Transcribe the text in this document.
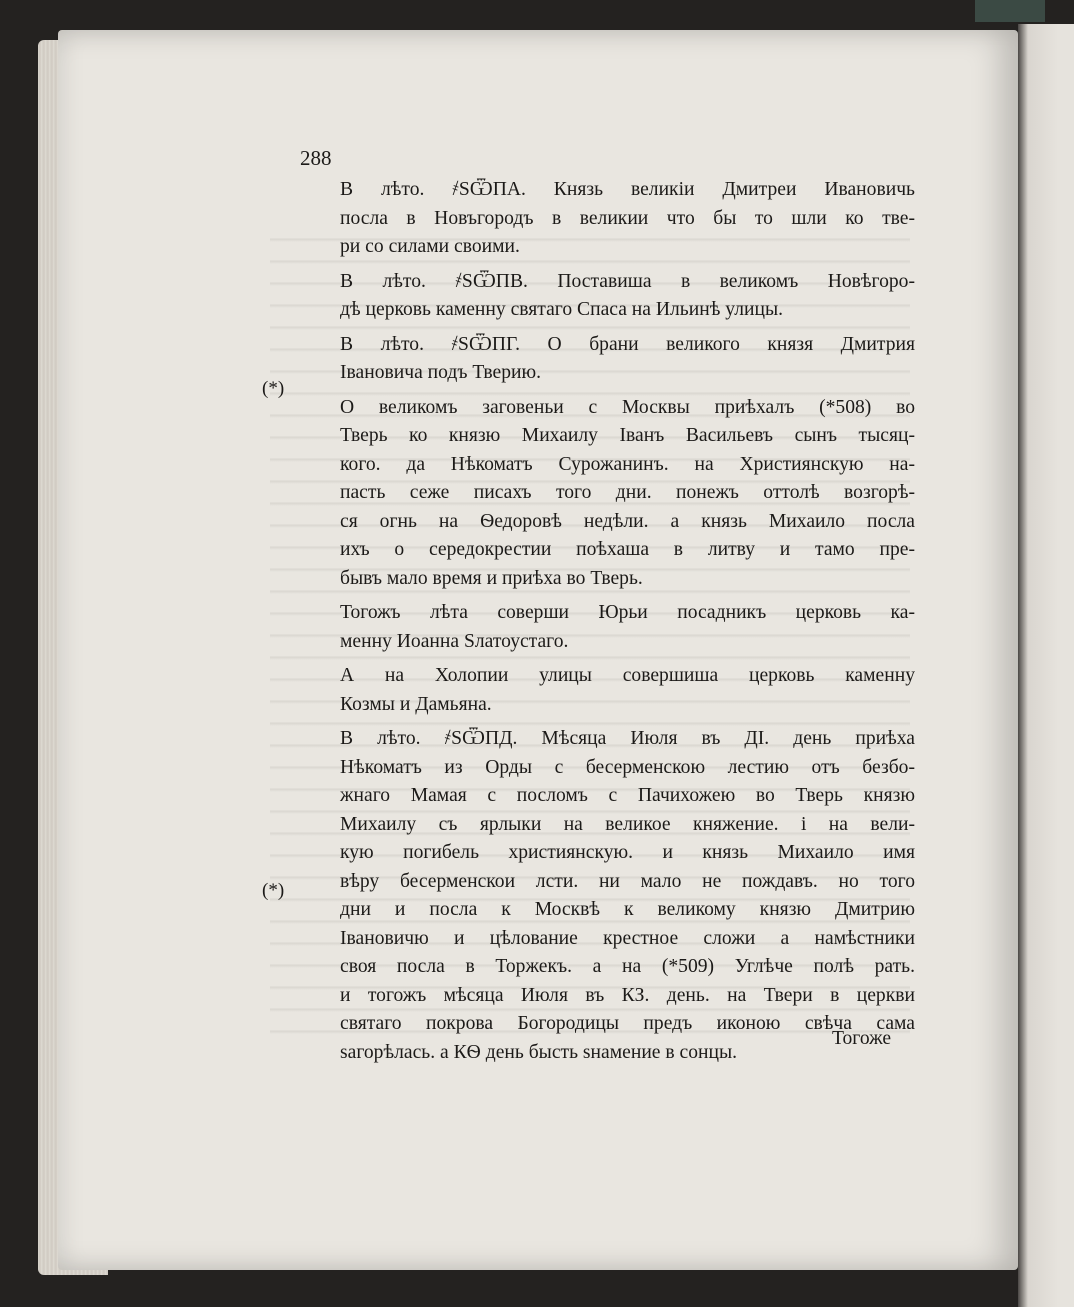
288
(*)
(*)
В лѣто. ҂SѾПА. Князь великіи Дмитреи Ивановичь
посла в Новъгородъ в великии что бы то шли ко тве-
ри со силами своими.
В лѣто. ҂SѾПВ. Поставиша в великомъ Новѣгоро-
дѣ церковь каменну святаго Спаса на Ильинѣ улицы.
В лѣто. ҂SѾПГ. О брани великого князя Дмитрия
Івановича подъ Тверию.
О великомъ заговеньи с Москвы приѣхалъ (*508) во
Тверь ко князю Михаилу Іванъ Васильевъ сынъ тысяц-
кого. да Нѣкоматъ Сурожанинъ. на Християнскую на-
пасть сеже писахъ того дни. понежъ оттолѣ возгорѣ-
ся огнь на Ѳедоровѣ недѣли. а князь Михаило посла
ихъ о середокрестии поѣхаша в литву и тамо пре-
бывъ мало время и приѣха во Тверь.
Тогожъ лѣта соверши Юрьи посадникъ церковь ка-
менну Иоанна Ѕлатоустаго.
А на Холопии улицы совершиша церковь каменну
Козмы и Дамьяна.
В лѣто. ҂SѾПД. Мѣсяца Июля въ ДІ. день приѣха
Нѣкоматъ из Орды с бесерменскою лестию отъ безбо-
жнаго Мамая с посломъ с Пачихожею во Тверь князю
Михаилу съ ярлыки на великое княжение. і на вели-
кую погибель християнскую. и князь Михаило имя
вѣру бесерменскои лсти. ни мало не пождавъ. но того
дни и посла к Москвѣ к великому князю Дмитрию
Івановичю и цѣлование крестное сложи а намѣстники
своя посла в Торжекъ. а на (*509) Углѣче полѣ рать.
и тогожъ мѣсяца Июля въ КЗ. день. на Твери в церкви
святаго покрова Богородицы предъ иконою свѣча сама
ѕагорѣлась. а КѲ день бысть ѕнамение в сонцы.
Тогоже
